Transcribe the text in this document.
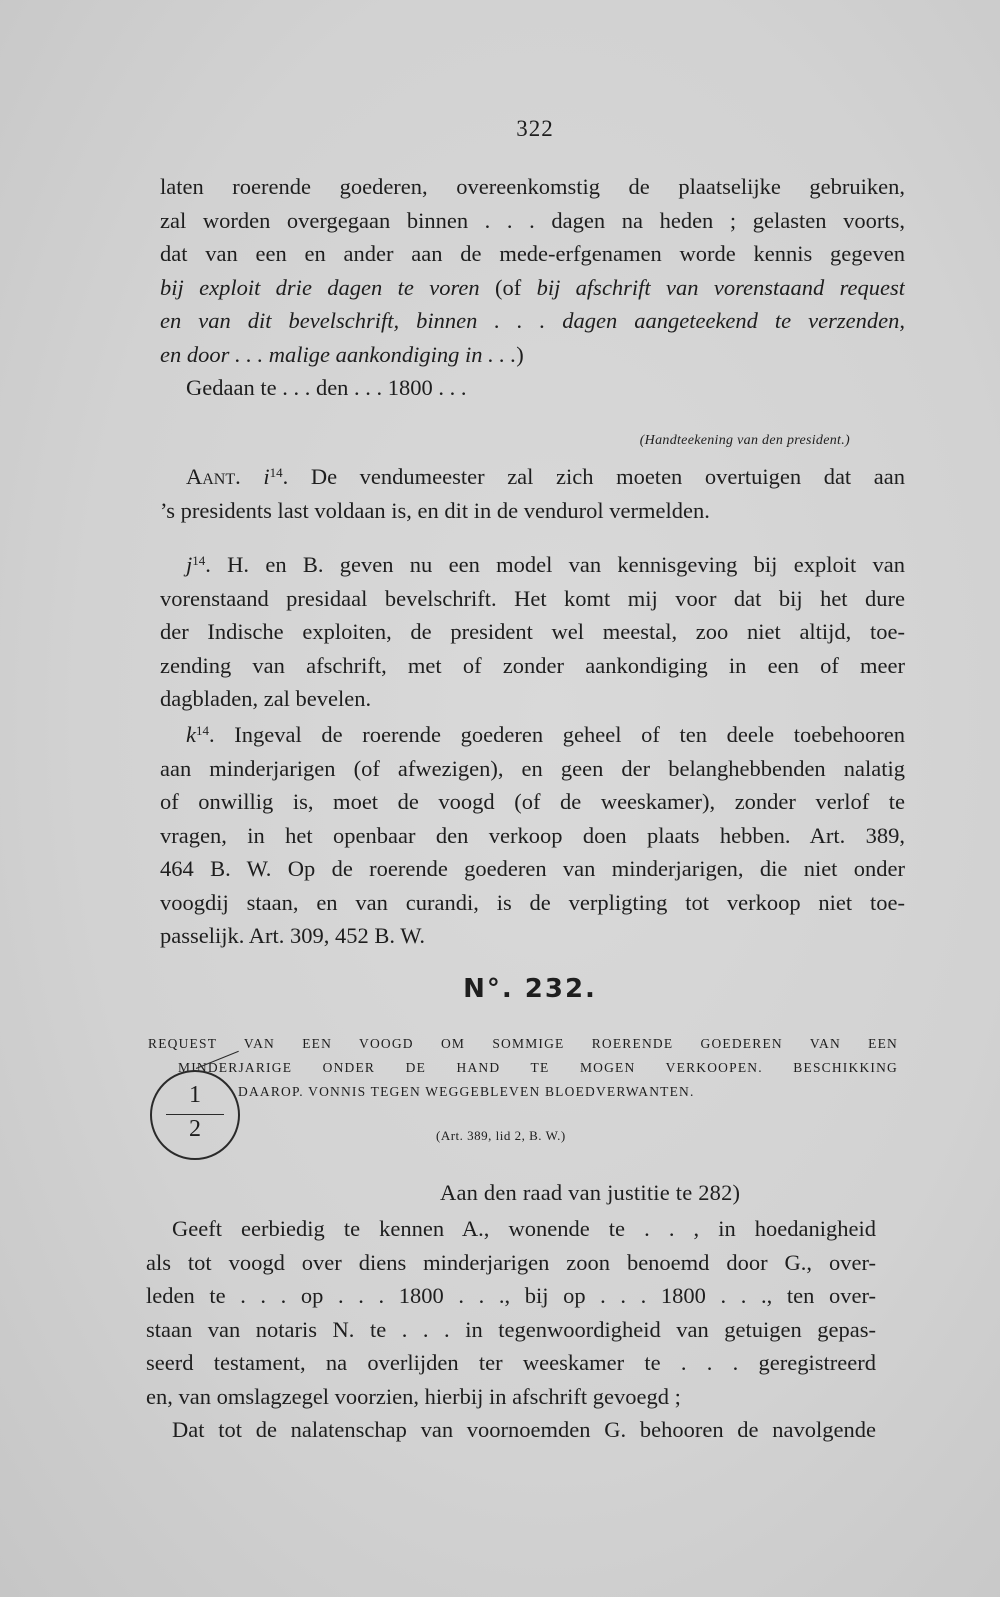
322
laten roerende goederen, overeenkomstig de plaatselijke gebruiken,
zal worden overgegaan binnen . . . dagen na heden ; gelasten voorts,
dat van een en ander aan de mede-erfgenamen worde kennis gegeven
bij exploit drie dagen te voren (of bij afschrift van vorenstaand request
en van dit bevelschrift, binnen . . . dagen aangeteekend te verzenden,
en door . . . malige aankondiging in . . .)
Gedaan te . . . den . . . 1800 . . .
(Handteekening van den president.)
Aant. $i^{14}$. De vendumeester zal zich moeten overtuigen dat aan
’s presidents last voldaan is, en dit in de vendurol vermelden.
$j^{14}$. H. en B. geven nu een model van kennisgeving bij exploit van
vorenstaand presidaal bevelschrift. Het komt mij voor dat bij het dure
der Indische exploiten, de president wel meestal, zoo niet altijd, toe-
zending van afschrift, met of zonder aankondiging in een of meer
dagbladen, zal bevelen.
$k^{14}$. Ingeval de roerende goederen geheel of ten deele toebehooren
aan minderjarigen (of afwezigen), en geen der belanghebbenden nalatig
of onwillig is, moet de voogd (of de weeskamer), zonder verlof te
vragen, in het openbaar den verkoop doen plaats hebben. Art. 389,
464 B. W. Op de roerende goederen van minderjarigen, die niet onder
voogdij staan, en van curandi, is de verpligting tot verkoop niet toe-
passelijk. Art. 309, 452 B. W.
N°. 232.
REQUEST VAN EEN VOOGD OM SOMMIGE ROERENDE GOEDEREN VAN EEN
MINDERJARIGE ONDER DE HAND TE MOGEN VERKOOPEN. BESCHIKKING
DAAROP. VONNIS TEGEN WEGGEBLEVEN BLOEDVERWANTEN.
(Art. 389, lid 2, B. W.)
1
2
Aan den raad van justitie te 282)
Geeft eerbiedig te kennen A., wonende te . . , in hoedanigheid
als tot voogd over diens minderjarigen zoon benoemd door G., over-
leden te . . . op . . . 1800 . . ., bij op . . . 1800 . . ., ten over-
staan van notaris N. te . . . in tegenwoordigheid van getuigen gepas-
seerd testament, na overlijden ter weeskamer te . . . geregistreerd
en, van omslagzegel voorzien, hierbij in afschrift gevoegd ;
Dat tot de nalatenschap van voornoemden G. behooren de navolgende
